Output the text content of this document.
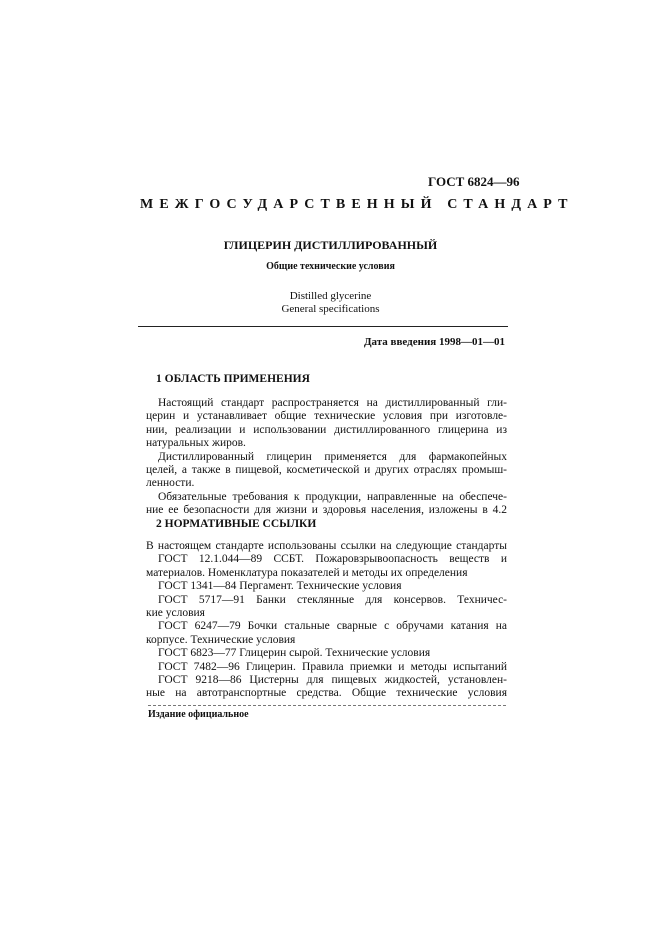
ГОСТ 6824—96
МЕЖГОСУДАРСТВЕННЫЙ СТАНДАРТ
ГЛИЦЕРИН ДИСТИЛЛИРОВАННЫЙ
Общие технические условия
Distilled glycerine
General specifications
Дата введения 1998—01—01
1 ОБЛАСТЬ ПРИМЕНЕНИЯ
Настоящий стандарт распространяется на дистиллированный гли-
церин и устанавливает общие технические условия при изготовле-
нии, реализации и использовании дистиллированного глицерина из
натуральных жиров.
Дистиллированный глицерин применяется для фармакопейных
целей, а также в пищевой, косметической и других отраслях промыш-
ленности.
Обязательные требования к продукции, направленные на обеспече-
ние ее безопасности для жизни и здоровья населения, изложены в 4.2
2 НОРМАТИВНЫЕ ССЫЛКИ
В настоящем стандарте использованы ссылки на следующие стандарты
ГОСТ 12.1.044—89 ССБТ. Пожаровзрывоопасность веществ и
материалов. Номенклатура показателей и методы их определения
ГОСТ 1341—84 Пергамент. Технические условия
ГОСТ 5717—91 Банки стеклянные для консервов. Техничес-
кие условия
ГОСТ 6247—79 Бочки стальные сварные с обручами катания на
корпусе. Технические условия
ГОСТ 6823—77 Глицерин сырой. Технические условия
ГОСТ 7482—96 Глицерин. Правила приемки и методы испытаний
ГОСТ 9218—86 Цистерны для пищевых жидкостей, установлен-
ные на автотранспортные средства. Общие технические условия
Издание официальное
